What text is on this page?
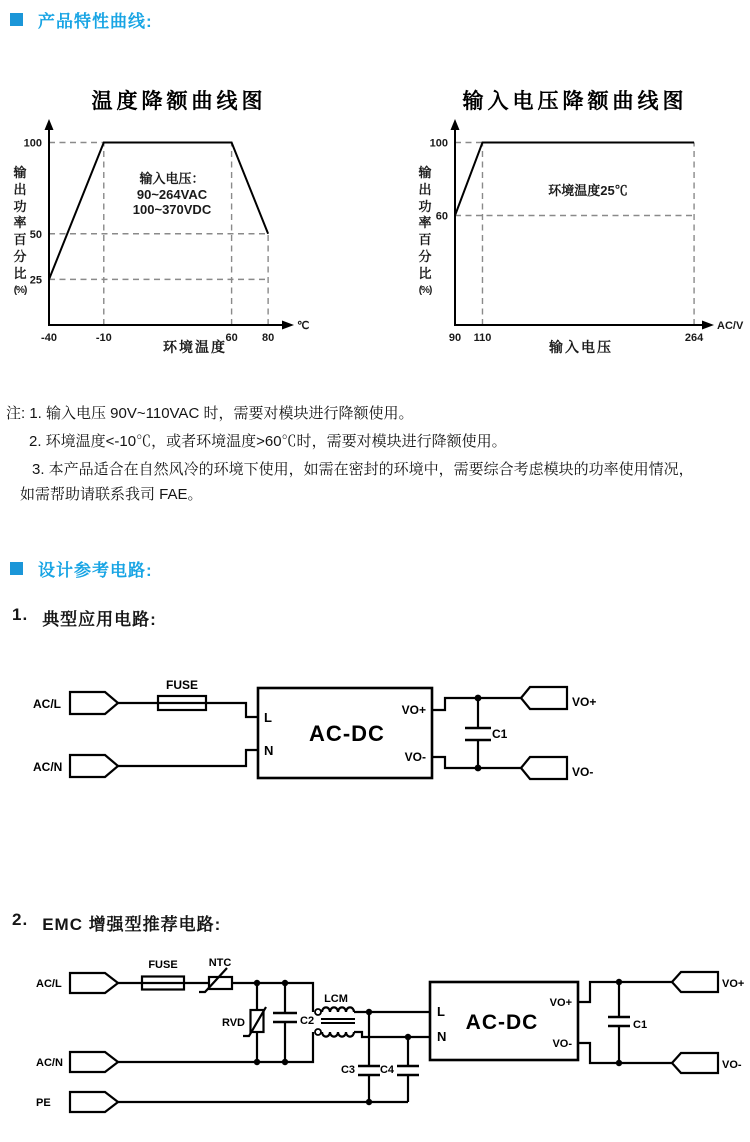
产品特性曲线:
温度降额曲线图
输
出
功
率
百
分
比
(%)
-40	-10	60 80
25
50
100
℃
输入电压：
90~264VAC
100~370VDC
环境温度
输入电压降额曲线图
输
出
功
率
百
分
比
(%)
90 110	264
60
100
AC/V
环境温度25℃
输入电压
注: 1. 输入电压 90V~110VAC 时，需要对模块进行降额使用。
2. 环境温度<-10℃，或者环境温度>60℃时，需要对模块进行降额使用。
3. 本产品适合在自然风冷的环境下使用，如需在密封的环境中，需要综合考虑模块的功率使用情况，
如需帮助请联系我司 FAE。
设计参考电路:
1. 典型应用电路:
AC/L
AC/N
FUSE
L
N
AC-DC
VO+
VO-
C1
VO+
VO-
2. EMC 增强型推荐电路:
AC/L
AC/N
PE
FUSE	NTC
RVD	C2
LCM
C3 C4
L
N
AC-DC
VO+
VO-
C1
VO+
VO-
